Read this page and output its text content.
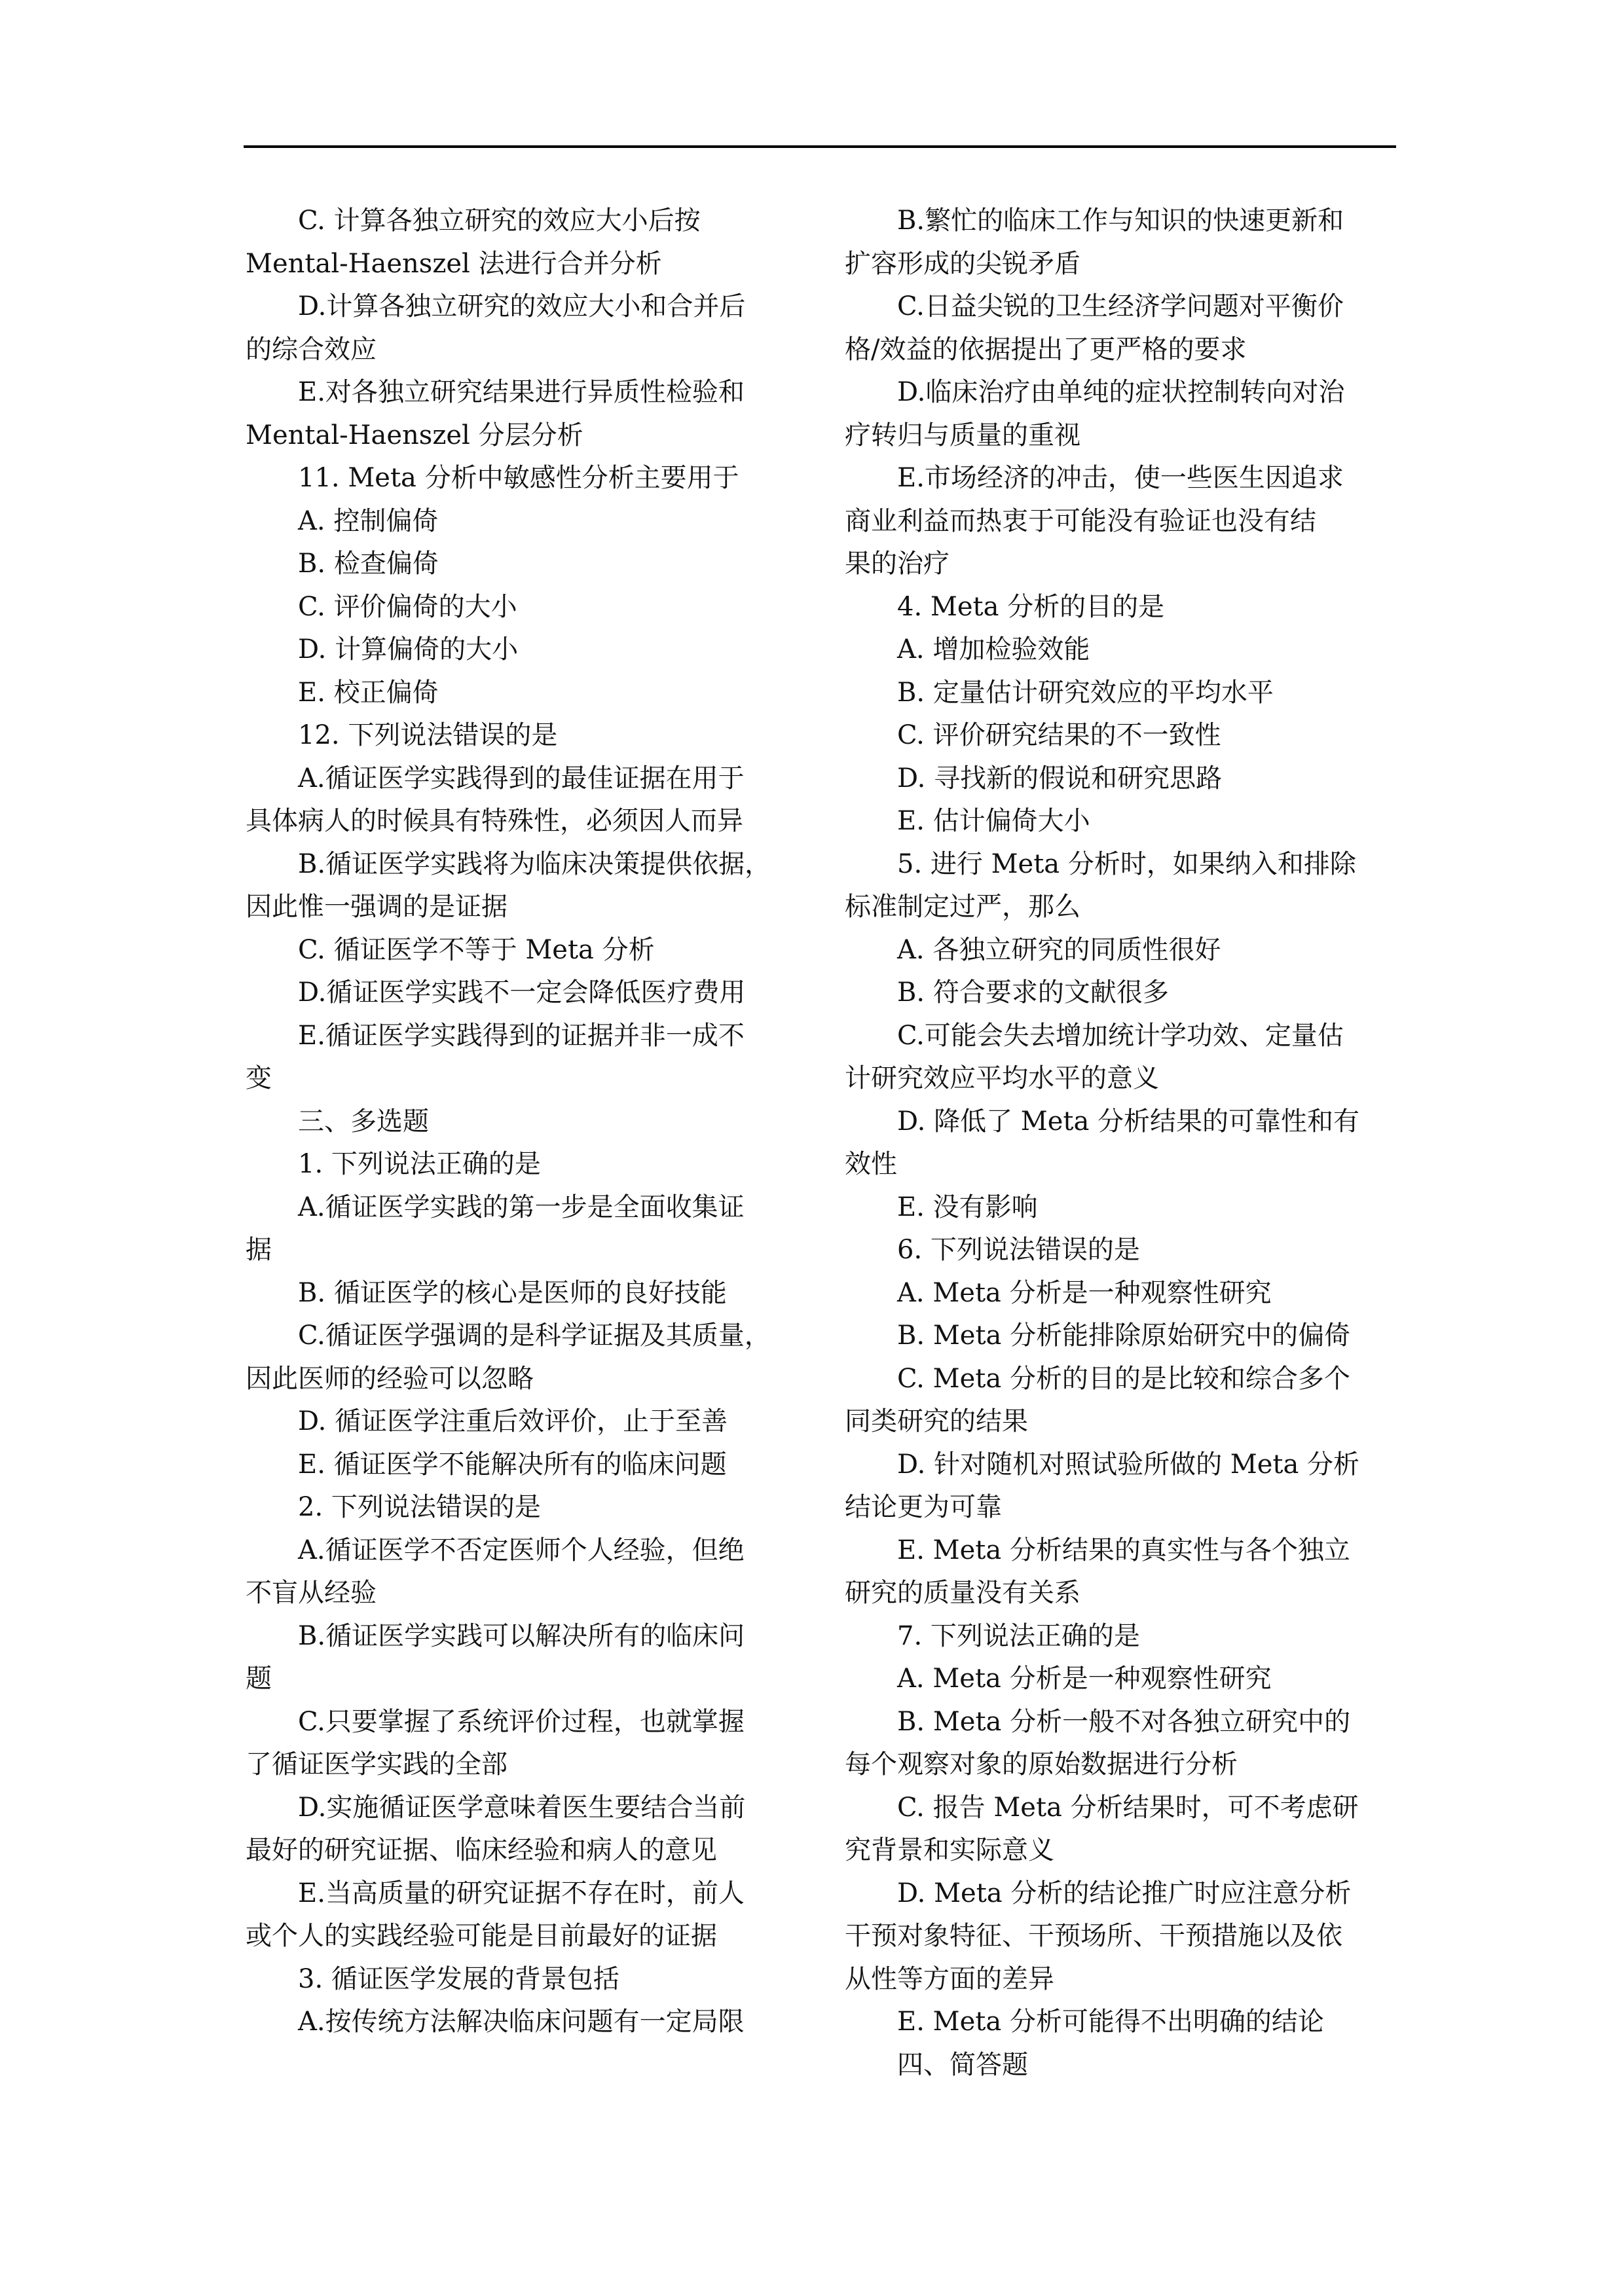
C. 计算各独立研究的效应大小后按

Mental-Haenszel 法进行合并分析

D.计算各独立研究的效应大小和合并后

的综合效应

E.对各独立研究结果进行异质性检验和

Mental-Haenszel 分层分析

11. Meta 分析中敏感性分析主要用于

A. 控制偏倚

B. 检查偏倚

C. 评价偏倚的大小

D. 计算偏倚的大小

E. 校正偏倚

12. 下列说法错误的是

A.循证医学实践得到的最佳证据在用于

具体病人的时候具有特殊性，必须因人而异

B.循证医学实践将为临床决策提供依据，

因此惟一强调的是证据

C. 循证医学不等于 Meta 分析

D.循证医学实践不一定会降低医疗费用

E.循证医学实践得到的证据并非一成不

变

三、多选题

1. 下列说法正确的是

A.循证医学实践的第一步是全面收集证

据

B. 循证医学的核心是医师的良好技能

C.循证医学强调的是科学证据及其质量，

因此医师的经验可以忽略

D. 循证医学注重后效评价，止于至善

E. 循证医学不能解决所有的临床问题

2. 下列说法错误的是

A.循证医学不否定医师个人经验，但绝

不盲从经验

B.循证医学实践可以解决所有的临床问

题

C.只要掌握了系统评价过程，也就掌握

了循证医学实践的全部

D.实施循证医学意味着医生要结合当前

最好的研究证据、临床经验和病人的意见

E.当高质量的研究证据不存在时，前人

或个人的实践经验可能是目前最好的证据

3. 循证医学发展的背景包括

A.按传统方法解决临床问题有一定局限

B.繁忙的临床工作与知识的快速更新和

扩容形成的尖锐矛盾

C.日益尖锐的卫生经济学问题对平衡价

格/效益的依据提出了更严格的要求

D.临床治疗由单纯的症状控制转向对治

疗转归与质量的重视

E.市场经济的冲击，使一些医生因追求

商业利益而热衷于可能没有验证也没有结

果的治疗

4. Meta 分析的目的是

A. 增加检验效能

B. 定量估计研究效应的平均水平

C. 评价研究结果的不一致性

D. 寻找新的假说和研究思路

E. 估计偏倚大小

5. 进行 Meta 分析时，如果纳入和排除

标准制定过严，那么

A. 各独立研究的同质性很好

B. 符合要求的文献很多

C.可能会失去增加统计学功效、定量估

计研究效应平均水平的意义

D. 降低了 Meta 分析结果的可靠性和有

效性

E. 没有影响

6. 下列说法错误的是

A. Meta 分析是一种观察性研究

B. Meta 分析能排除原始研究中的偏倚

C. Meta 分析的目的是比较和综合多个

同类研究的结果

D. 针对随机对照试验所做的 Meta 分析

结论更为可靠

E. Meta 分析结果的真实性与各个独立

研究的质量没有关系

7. 下列说法正确的是

A. Meta 分析是一种观察性研究

B. Meta 分析一般不对各独立研究中的

每个观察对象的原始数据进行分析

C. 报告 Meta 分析结果时，可不考虑研

究背景和实际意义

D. Meta 分析的结论推广时应注意分析

干预对象特征、干预场所、干预措施以及依

从性等方面的差异

E. Meta 分析可能得不出明确的结论

四、简答题
